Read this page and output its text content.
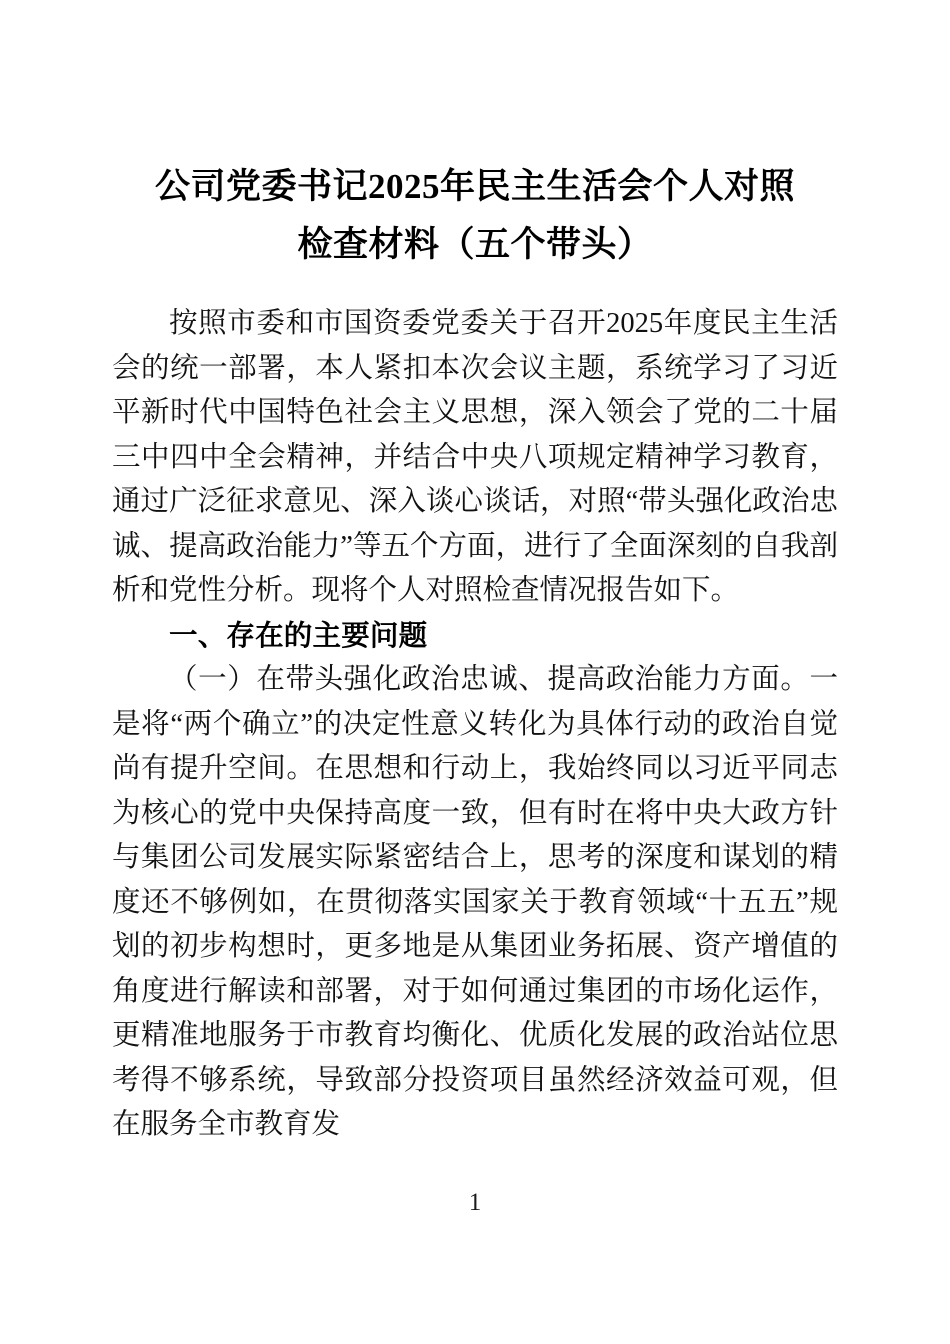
公司党委书记2025年民主生活会个人对照
检查材料（五个带头）

按照市委和市国资委党委关于召开2025年度民主生活会的统一部署，本人紧扣本次会议主题，系统学习了习近平新时代中国特色社会主义思想，深入领会了党的二十届三中四中全会精神，并结合中央八项规定精神学习教育，通过广泛征求意见、深入谈心谈话，对照“带头强化政治忠诚、提高政治能力”等五个方面，进行了全面深刻的自我剖析和党性分析。现将个人对照检查情况报告如下。

一、存在的主要问题

（一）在带头强化政治忠诚、提高政治能力方面。一是将“两个确立”的决定性意义转化为具体行动的政治自觉尚有提升空间。在思想和行动上，我始终同以习近平同志为核心的党中央保持高度一致，但有时在将中央大政方针与集团公司发展实际紧密结合上，思考的深度和谋划的精度还不够例如，在贯彻落实国家关于教育领域“十五五”规划的初步构想时，更多地是从集团业务拓展、资产增值的角度进行解读和部署，对于如何通过集团的市场化运作，更精准地服务于市教育均衡化、优质化发展的政治站位思考得不够系统，导致部分投资项目虽然经济效益可观，但在服务全市教育发

1
